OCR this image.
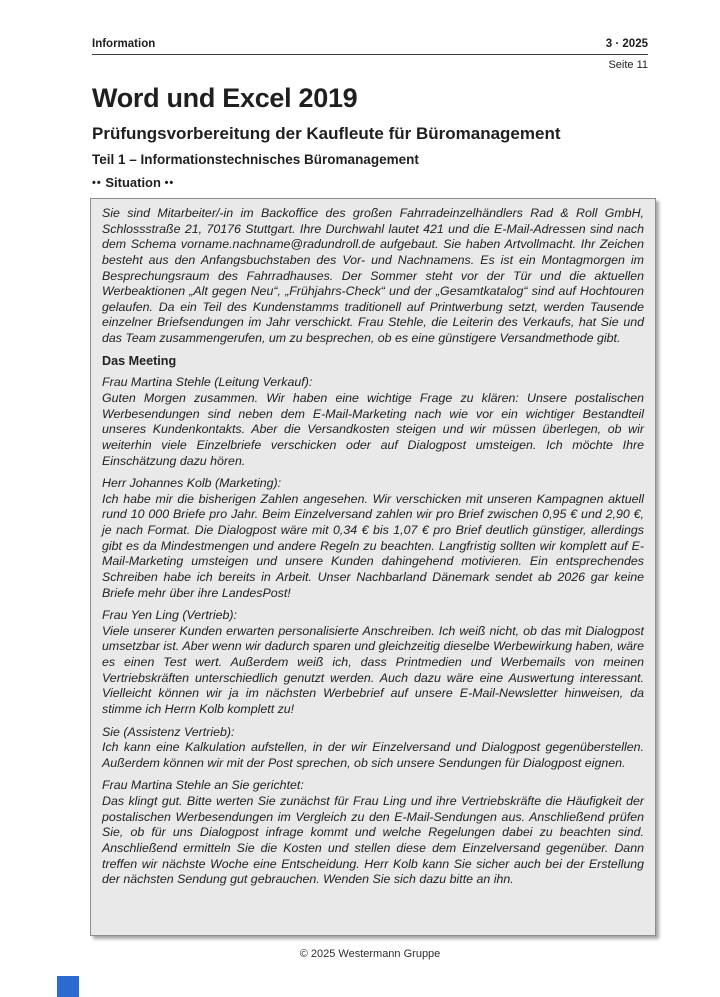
Information	3 · 2025
Seite 11
Word und Excel 2019
Prüfungsvorbereitung der Kaufleute für Büromanagement
Teil 1 – Informationstechnisches Büromanagement
•• Situation ••

Sie sind Mitarbeiter/-in im Backoffice des großen Fahrradeinzelhändlers Rad & Roll GmbH, Schlossstraße 21, 70176 Stuttgart. Ihre Durchwahl lautet 421 und die E-Mail-Adressen sind nach dem Schema vorname.nachname@radundroll.de aufgebaut. Sie haben Artvollmacht. Ihr Zeichen besteht aus den Anfangsbuchstaben des Vor- und Nachnamens. Es ist ein Montagmorgen im Besprechungsraum des Fahrradhauses. Der Sommer steht vor der Tür und die aktuellen Werbeaktionen „Alt gegen Neu“, „Frühjahrs-Check“ und der „Gesamtkatalog“ sind auf Hochtouren gelaufen. Da ein Teil des Kundenstamms traditionell auf Printwerbung setzt, werden Tausende einzelner Briefsendungen im Jahr verschickt. Frau Stehle, die Leiterin des Verkaufs, hat Sie und das Team zusammengerufen, um zu besprechen, ob es eine günstigere Versandmethode gibt.

Das Meeting
Frau Martina Stehle (Leitung Verkauf):
Guten Morgen zusammen. Wir haben eine wichtige Frage zu klären: Unsere postalischen Werbesendungen sind neben dem E-Mail-Marketing nach wie vor ein wichtiger Bestandteil unseres Kundenkontakts. Aber die Versandkosten steigen und wir müssen überlegen, ob wir weiterhin viele Einzelbriefe verschicken oder auf Dialogpost umsteigen. Ich möchte Ihre Einschätzung dazu hören.
Herr Johannes Kolb (Marketing):
Ich habe mir die bisherigen Zahlen angesehen. Wir verschicken mit unseren Kampagnen aktuell rund 10 000 Briefe pro Jahr. Beim Einzelversand zahlen wir pro Brief zwischen 0,95 € und 2,90 €, je nach Format. Die Dialogpost wäre mit 0,34 € bis 1,07 € pro Brief deutlich günstiger, allerdings gibt es da Mindestmengen und andere Regeln zu beachten. Langfristig sollten wir komplett auf E-Mail-Marketing umsteigen und unsere Kunden dahingehend motivieren. Ein entsprechendes Schreiben habe ich bereits in Arbeit. Unser Nachbarland Dänemark sendet ab 2026 gar keine Briefe mehr über ihre LandesPost!
Frau Yen Ling (Vertrieb):
Viele unserer Kunden erwarten personalisierte Anschreiben. Ich weiß nicht, ob das mit Dialogpost umsetzbar ist. Aber wenn wir dadurch sparen und gleichzeitig dieselbe Werbewirkung haben, wäre es einen Test wert. Außerdem weiß ich, dass Printmedien und Werbemails von meinen Vertriebskräften unterschiedlich genutzt werden. Auch dazu wäre eine Auswertung interessant. Vielleicht können wir ja im nächsten Werbebrief auf unsere E-Mail-Newsletter hinweisen, da stimme ich Herrn Kolb komplett zu!
Sie (Assistenz Vertrieb):
Ich kann eine Kalkulation aufstellen, in der wir Einzelversand und Dialogpost gegenüberstellen. Außerdem können wir mit der Post sprechen, ob sich unsere Sendungen für Dialogpost eignen.
Frau Martina Stehle an Sie gerichtet:
Das klingt gut. Bitte werten Sie zunächst für Frau Ling und ihre Vertriebskräfte die Häufigkeit der postalischen Werbesendungen im Vergleich zu den E-Mail-Sendungen aus. Anschließend prüfen Sie, ob für uns Dialogpost infrage kommt und welche Regelungen dabei zu beachten sind. Anschließend ermitteln Sie die Kosten und stellen diese dem Einzelversand gegenüber. Dann treffen wir nächste Woche eine Entscheidung. Herr Kolb kann Sie sicher auch bei der Erstellung der nächsten Sendung gut gebrauchen. Wenden Sie sich dazu bitte an ihn.
© 2025 Westermann Gruppe
